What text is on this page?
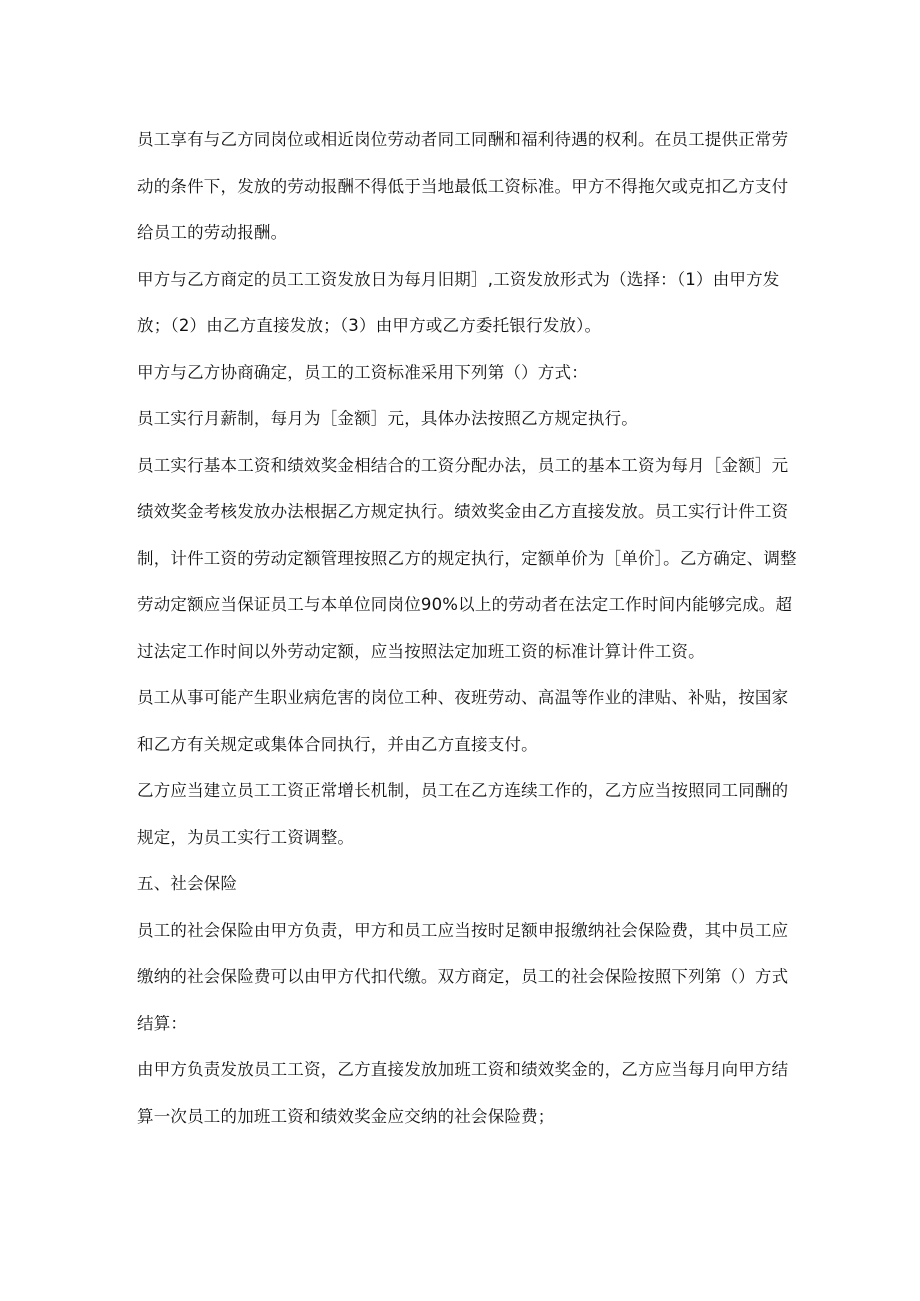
员工享有与乙方同岗位或相近岗位劳动者同工同酬和福利待遇的权利。在员工提供正常劳动的条件下，发放的劳动报酬不得低于当地最低工资标准。甲方不得拖欠或克扣乙方支付给员工的劳动报酬。

甲方与乙方商定的员工工资发放日为每月旧期］,工资发放形式为（选择：（1）由甲方发放；（2）由乙方直接发放；（3）由甲方或乙方委托银行发放）。

甲方与乙方协商确定，员工的工资标准采用下列第（）方式：

员工实行月薪制，每月为［金额］元，具体办法按照乙方规定执行。

员工实行基本工资和绩效奖金相结合的工资分配办法，员工的基本工资为每月［金额］元绩效奖金考核发放办法根据乙方规定执行。绩效奖金由乙方直接发放。员工实行计件工资制，计件工资的劳动定额管理按照乙方的规定执行，定额单价为［单价］。乙方确定、调整劳动定额应当保证员工与本单位同岗位90%以上的劳动者在法定工作时间内能够完成。超过法定工作时间以外劳动定额，应当按照法定加班工资的标准计算计件工资。

员工从事可能产生职业病危害的岗位工种、夜班劳动、高温等作业的津贴、补贴，按国家和乙方有关规定或集体合同执行，并由乙方直接支付。

乙方应当建立员工工资正常增长机制，员工在乙方连续工作的，乙方应当按照同工同酬的规定，为员工实行工资调整。

五、社会保险

员工的社会保险由甲方负责，甲方和员工应当按时足额申报缴纳社会保险费，其中员工应缴纳的社会保险费可以由甲方代扣代缴。双方商定，员工的社会保险按照下列第（）方式结算：

由甲方负责发放员工工资，乙方直接发放加班工资和绩效奖金的，乙方应当每月向甲方结算一次员工的加班工资和绩效奖金应交纳的社会保险费；
